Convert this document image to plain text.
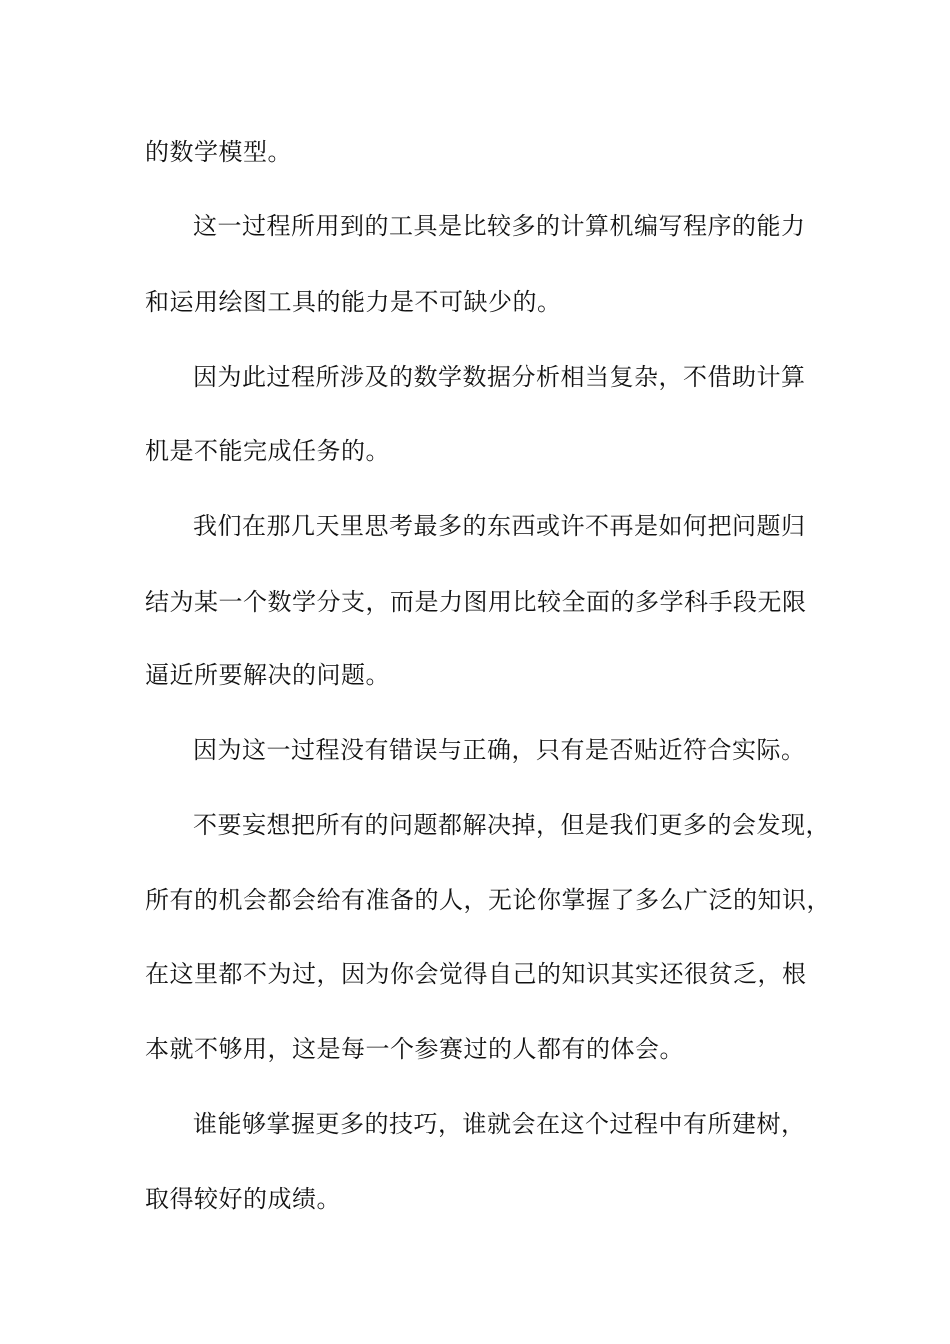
的数学模型。

这一过程所用到的工具是比较多的计算机编写程序的能力

和运用绘图工具的能力是不可缺少的。

因为此过程所涉及的数学数据分析相当复杂，不借助计算

机是不能完成任务的。

我们在那几天里思考最多的东西或许不再是如何把问题归

结为某一个数学分支，而是力图用比较全面的多学科手段无限

逼近所要解决的问题。

因为这一过程没有错误与正确，只有是否贴近符合实际。

不要妄想把所有的问题都解决掉，但是我们更多的会发现，

所有的机会都会给有准备的人，无论你掌握了多么广泛的知识，

在这里都不为过，因为你会觉得自己的知识其实还很贫乏，根

本就不够用，这是每一个参赛过的人都有的体会。

谁能够掌握更多的技巧，谁就会在这个过程中有所建树，

取得较好的成绩。
